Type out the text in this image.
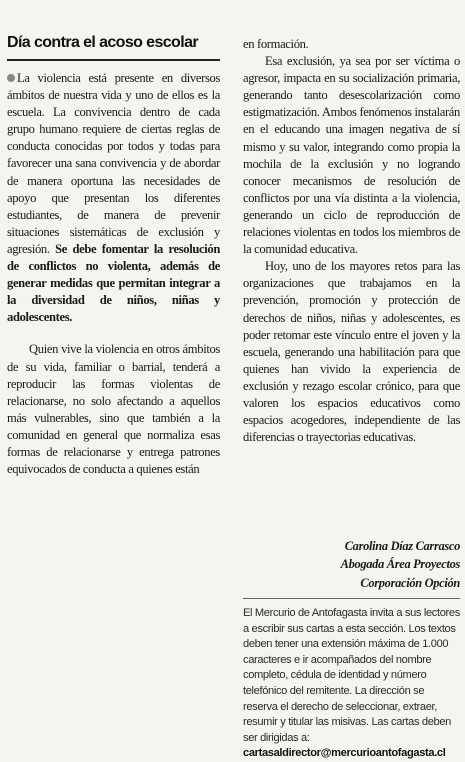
Día contra el acoso escolar

La violencia está presente en diversos ámbitos de nuestra vida y uno de ellos es la escuela. La convivencia dentro de cada grupo humano requiere de ciertas reglas de conducta conocidas por todos y todas para favorecer una sana convivencia y de abordar de manera oportuna las necesidades de apoyo que presentan los diferentes estudiantes, de manera de prevenir situaciones sistemáticas de exclusión y agresión. Se debe fomentar la resolución de conflictos no violenta, además de generar medidas que permitan integrar a la diversidad de niños, niñas y adolescentes.

Quien vive la violencia en otros ámbitos de su vida, familiar o barrial, tenderá a reproducir las formas violentas de relacionarse, no solo afectando a aquellos más vulnerables, sino que también a la comunidad en general que normaliza esas formas de relacionarse y entrega patrones equivocados de conducta a quienes están

en formación.

Esa exclusión, ya sea por ser víctima o agresor, impacta en su socialización primaria, generando tanto desescolarización como estigmatización. Ambos fenómenos instalarán en el educando una imagen negativa de sí mismo y su valor, integrando como propia la mochila de la exclusión y no logrando conocer mecanismos de resolución de conflictos por una vía distinta a la violencia, generando un ciclo de reproducción de relaciones violentas en todos los miembros de la comunidad educativa.

Hoy, uno de los mayores retos para las organizaciones que trabajamos en la prevención, promoción y protección de derechos de niños, niñas y adolescentes, es poder retomar este vínculo entre el joven y la escuela, generando una habilitación para que quienes han vivido la experiencia de exclusión y rezago escolar crónico, para que valoren los espacios educativos como espacios acogedores, independiente de las diferencias o trayectorias educativas.

Carolina Díaz Carrasco
Abogada Área Proyectos
Corporación Opción

El Mercurio de Antofagasta invita a sus lectores a escribir sus cartas a esta sección. Los textos deben tener una extensión máxima de 1.000 caracteres e ir acompañados del nombre completo, cédula de identidad y número telefónico del remitente. La dirección se reserva el derecho de seleccionar, extraer, resumir y titular las misivas. Las cartas deben ser dirigidas a:

cartasaldirector@mercurioantofagasta.cl
